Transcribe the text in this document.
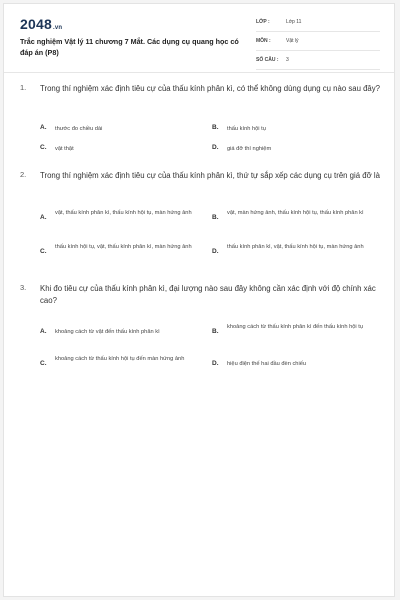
2048.vn
Trắc nghiệm Vật lý 11 chương 7 Mắt. Các dụng cụ quang học có đáp án (P8)
LỚP :	Lớp 11
MÔN :	Vật lý
SỐ CÂU : 3
1. Trong thí nghiệm xác định tiêu cự của thấu kính phân kì, có thể không dùng dụng cụ nào sau đây?
A. thước đo chiều dài	B. thấu kính hội tụ
C. vật thật	D. giá đỡ thí nghiệm
2. Trong thí nghiệm xác định tiêu cự của thấu kính phân kì, thứ tự sắp xếp các dụng cụ trên giá đỡ là
A.
vật, thấu kính phân kì, thấu kính hội tụ, màn hứng ảnh
B.
vật, màn hứng ảnh, thấu kính hội tụ, thấu kính phân kì
C.
thấu kính hội tụ, vật, thấu kính phân kì, màn hứng ảnh
D.
thấu kính phân kì, vật, thấu kính hội tụ, màn hứng ảnh
3. Khi đo tiêu cự của thấu kính phân kì, đại lượng nào sau đây không cần xác định với độ chính xác cao?
A. khoảng cách từ vật đến thấu kính phân kì	B.
khoảng cách từ thấu kính phân kì đến thấu kính hội tụ
C.
khoảng cách từ thấu kính hội tụ đến màn hứng ảnh
D. hiệu điện thế hai đầu đèn chiếu
